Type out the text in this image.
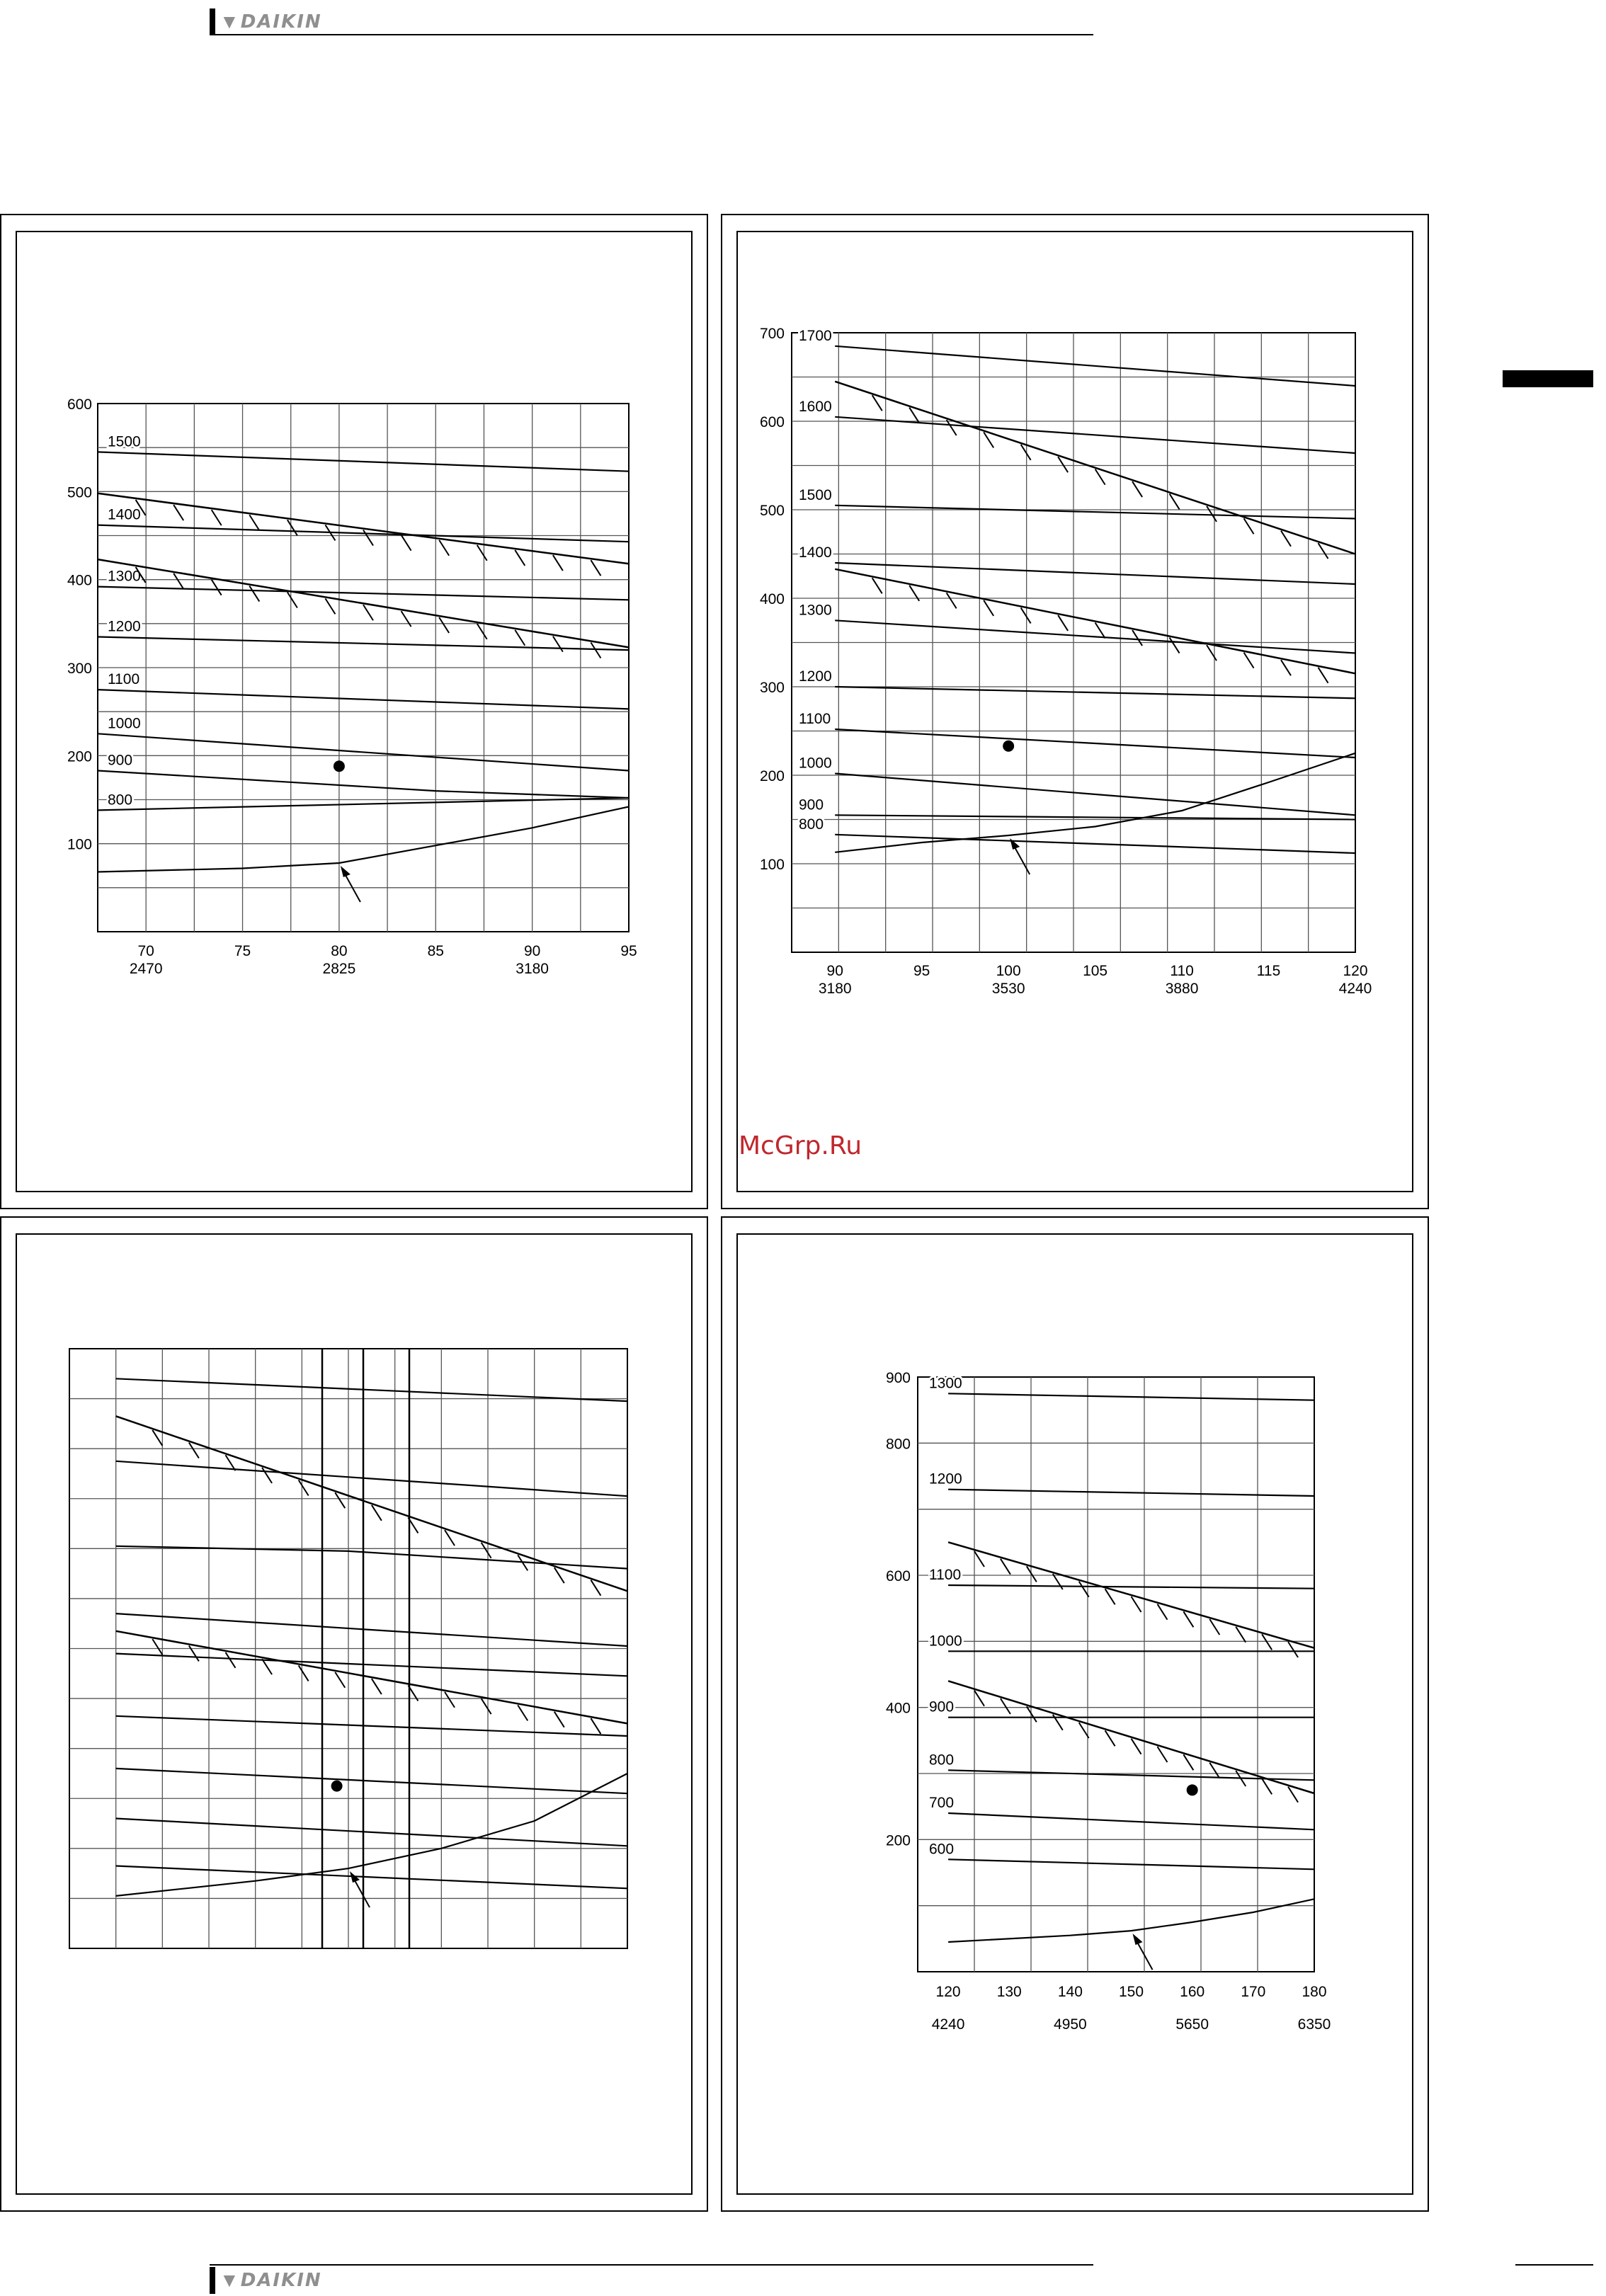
▼ DAIKIN
McGrp.Ru
100
200
300
400
500
600
70
2470
75	80
2825
85	90
3180
95
1500
1400
1300
1200
1100
1000
900
800
100
200
300
400
500
600
700
90
3180
95	100
3530
105	110
3880
115	120
4240
1700
1600
1500
1400
1300
1200
1100
1000
900
800
200
400
600
800
900
120
4240
130 140
4950
150 160
5650
170 180
6350
1300
1200
1100
1000
900
800
700
600
▼ DAIKIN
